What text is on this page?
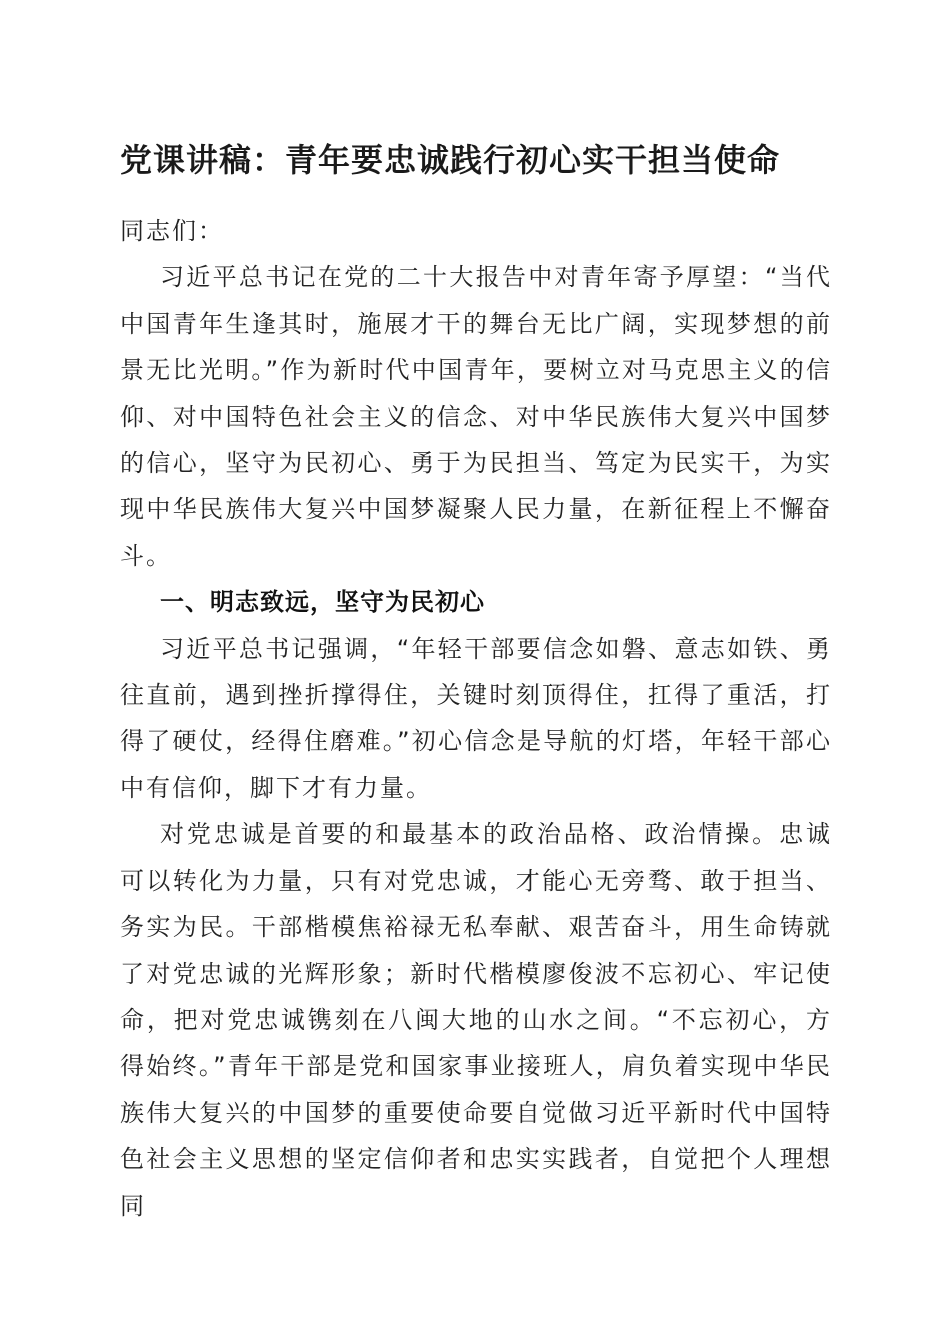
党课讲稿：青年要忠诚践行初心实干担当使命

同志们：

习近平总书记在党的二十大报告中对青年寄予厚望：“当代中国青年生逢其时，施展才干的舞台无比广阔，实现梦想的前景无比光明。”作为新时代中国青年，要树立对马克思主义的信仰、对中国特色社会主义的信念、对中华民族伟大复兴中国梦的信心，坚守为民初心、勇于为民担当、笃定为民实干，为实现中华民族伟大复兴中国梦凝聚人民力量，在新征程上不懈奋斗。

一、明志致远，坚守为民初心

习近平总书记强调，“年轻干部要信念如磐、意志如铁、勇往直前，遇到挫折撑得住，关键时刻顶得住，扛得了重活，打得了硬仗，经得住磨难。”初心信念是导航的灯塔，年轻干部心中有信仰，脚下才有力量。

对党忠诚是首要的和最基本的政治品格、政治情操。忠诚可以转化为力量，只有对党忠诚，才能心无旁骛、敢于担当、务实为民。干部楷模焦裕禄无私奉献、艰苦奋斗，用生命铸就了对党忠诚的光辉形象；新时代楷模廖俊波不忘初心、牢记使命，把对党忠诚镌刻在八闽大地的山水之间。“不忘初心，方得始终。”青年干部是党和国家事业接班人，肩负着实现中华民族伟大复兴的中国梦的重要使命要自觉做习近平新时代中国特色社会主义思想的坚定信仰者和忠实实践者，自觉把个人理想同
